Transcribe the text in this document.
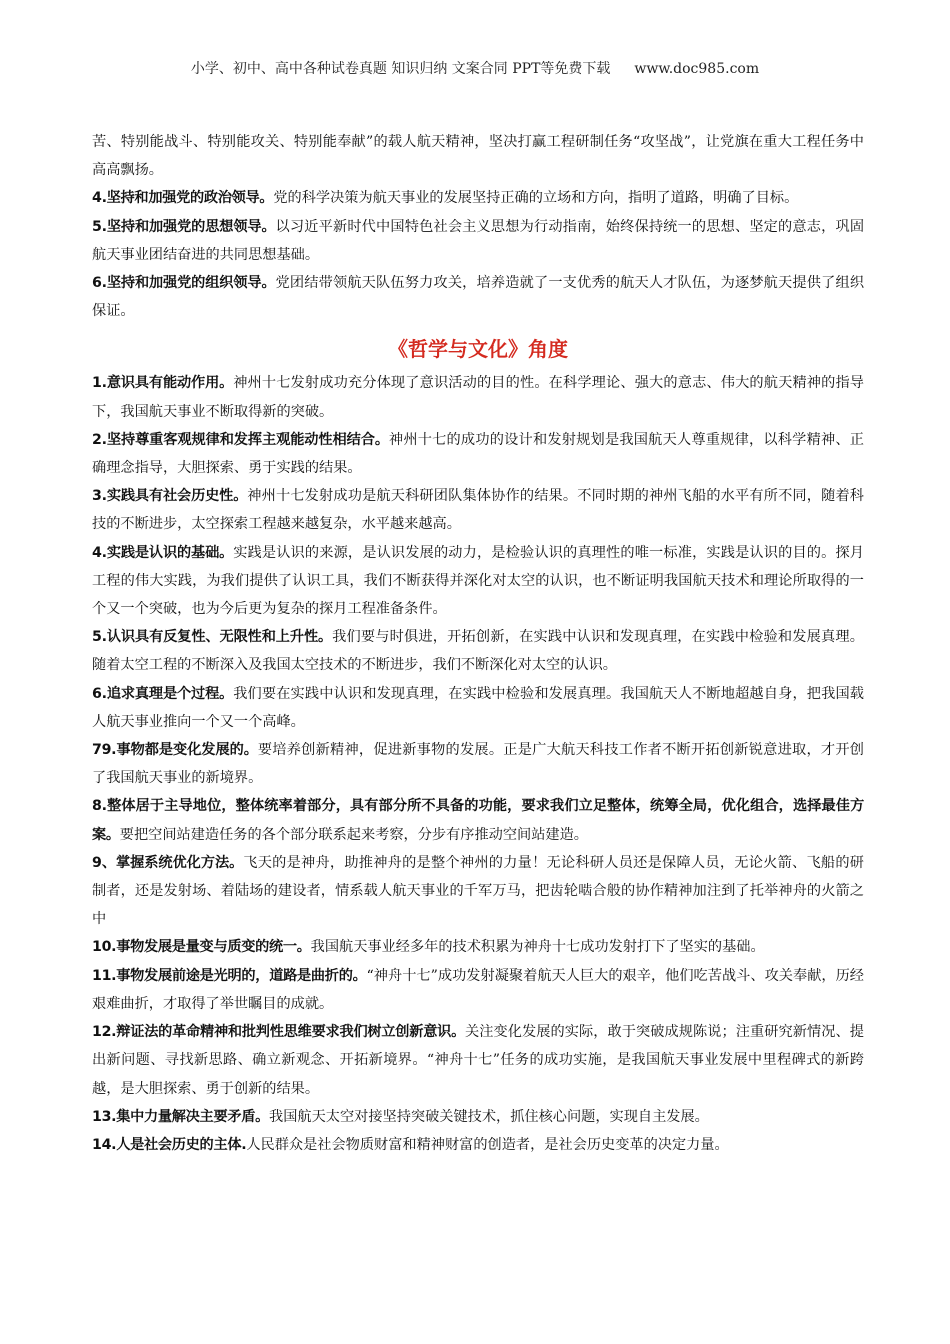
小学、初中、高中各种试卷真题 知识归纳 文案合同 PPT等免费下载 www.doc985.com

苦、特别能战斗、特别能攻关、特别能奉献”的载人航天精神，坚决打赢工程研制任务“攻坚战”，让党旗在重大工程任务中高高飘扬。

4.坚持和加强党的政治领导。党的科学决策为航天事业的发展坚持正确的立场和方向，指明了道路，明确了目标。

5.坚持和加强党的思想领导。以习近平新时代中国特色社会主义思想为行动指南，始终保持统一的思想、坚定的意志，巩固航天事业团结奋进的共同思想基础。

6.坚持和加强党的组织领导。党团结带领航天队伍努力攻关，培养造就了一支优秀的航天人才队伍，为逐梦航天提供了组织保证。

《哲学与文化》角度

1.意识具有能动作用。神州十七发射成功充分体现了意识活动的目的性。在科学理论、强大的意志、伟大的航天精神的指导下，我国航天事业不断取得新的突破。

2.坚持尊重客观规律和发挥主观能动性相结合。神州十七的成功的设计和发射规划是我国航天人尊重规律，以科学精神、正确理念指导，大胆探索、勇于实践的结果。

3.实践具有社会历史性。神州十七发射成功是航天科研团队集体协作的结果。不同时期的神州飞船的水平有所不同，随着科技的不断进步，太空探索工程越来越复杂，水平越来越高。

4.实践是认识的基础。实践是认识的来源，是认识发展的动力，是检验认识的真理性的唯一标准，实践是认识的目的。探月工程的伟大实践，为我们提供了认识工具，我们不断获得并深化对太空的认识，也不断证明我国航天技术和理论所取得的一个又一个突破，也为今后更为复杂的探月工程准备条件。

5.认识具有反复性、无限性和上升性。我们要与时俱进，开拓创新，在实践中认识和发现真理，在实践中检验和发展真理。随着太空工程的不断深入及我国太空技术的不断进步，我们不断深化对太空的认识。

6.追求真理是个过程。我们要在实践中认识和发现真理，在实践中检验和发展真理。我国航天人不断地超越自身，把我国载人航天事业推向一个又一个高峰。

79.事物都是变化发展的。要培养创新精神，促进新事物的发展。正是广大航天科技工作者不断开拓创新锐意进取，才开创了我国航天事业的新境界。

8.整体居于主导地位，整体统率着部分，具有部分所不具备的功能，要求我们立足整体，统筹全局，优化组合，选择最佳方案。要把空间站建造任务的各个部分联系起来考察，分步有序推动空间站建造。

9、掌握系统优化方法。飞天的是神舟，助推神舟的是整个神州的力量！无论科研人员还是保障人员，无论火箭、飞船的研制者，还是发射场、着陆场的建设者，情系载人航天事业的千军万马，把齿轮啮合般的协作精神加注到了托举神舟的火箭之中

10.事物发展是量变与质变的统一。我国航天事业经多年的技术积累为神舟十七成功发射打下了坚实的基础。

11.事物发展前途是光明的，道路是曲折的。“神舟十七”成功发射凝聚着航天人巨大的艰辛，他们吃苦战斗、攻关奉献，历经艰难曲折，才取得了举世瞩目的成就。

12.辩证法的革命精神和批判性思维要求我们树立创新意识。关注变化发展的实际，敢于突破成规陈说；注重研究新情况、提出新问题、寻找新思路、确立新观念、开拓新境界。“神舟十七”任务的成功实施，是我国航天事业发展中里程碑式的新跨越，是大胆探索、勇于创新的结果。

13.集中力量解决主要矛盾。我国航天太空对接坚持突破关键技术，抓住核心问题，实现自主发展。

14.人是社会历史的主体.人民群众是社会物质财富和精神财富的创造者，是社会历史变革的决定力量。
